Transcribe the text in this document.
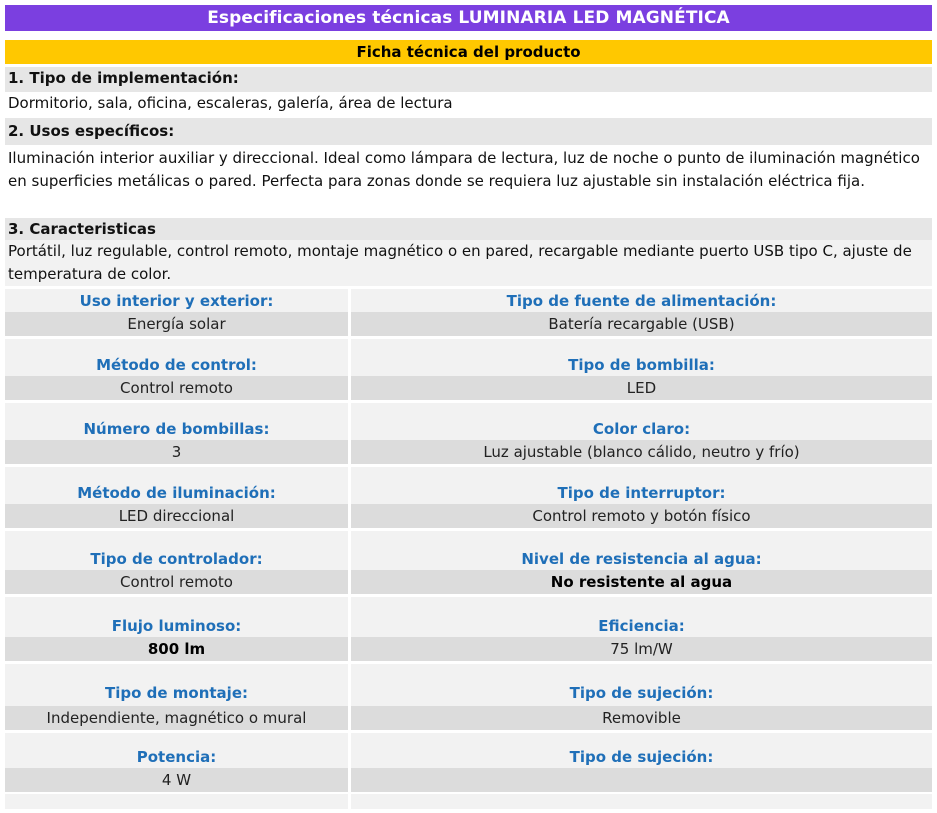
Especificaciones técnicas LUMINARIA LED MAGNÉTICA
Ficha técnica del producto
1. Tipo de implementación:
Dormitorio, sala, oficina, escaleras, galería, área de lectura
2. Usos específicos:
Iluminación interior auxiliar y direccional. Ideal como lámpara de lectura, luz de noche o punto de iluminación magnético en superficies metálicas o pared. Perfecta para zonas donde se requiera luz ajustable sin instalación eléctrica fija.
3. Caracteristicas
Portátil, luz regulable, control remoto, montaje magnético o en pared, recargable mediante puerto USB tipo C, ajuste de temperatura de color.
Uso interior y exterior:	Tipo de fuente de alimentación:
Energía solar	Batería recargable (USB)
Método de control:	Tipo de bombilla:
Control remoto	LED
Número de bombillas:	Color claro:
3	Luz ajustable (blanco cálido, neutro y frío)
Método de iluminación:	Tipo de interruptor:
LED direccional	Control remoto y botón físico
Tipo de controlador:	Nivel de resistencia al agua:
Control remoto	No resistente al agua
Flujo luminoso:	Eficiencia:
800 lm	75 lm/W
Tipo de montaje:	Tipo de sujeción:
Independiente, magnético o mural	Removible
Potencia:	Tipo de sujeción:
4 W
